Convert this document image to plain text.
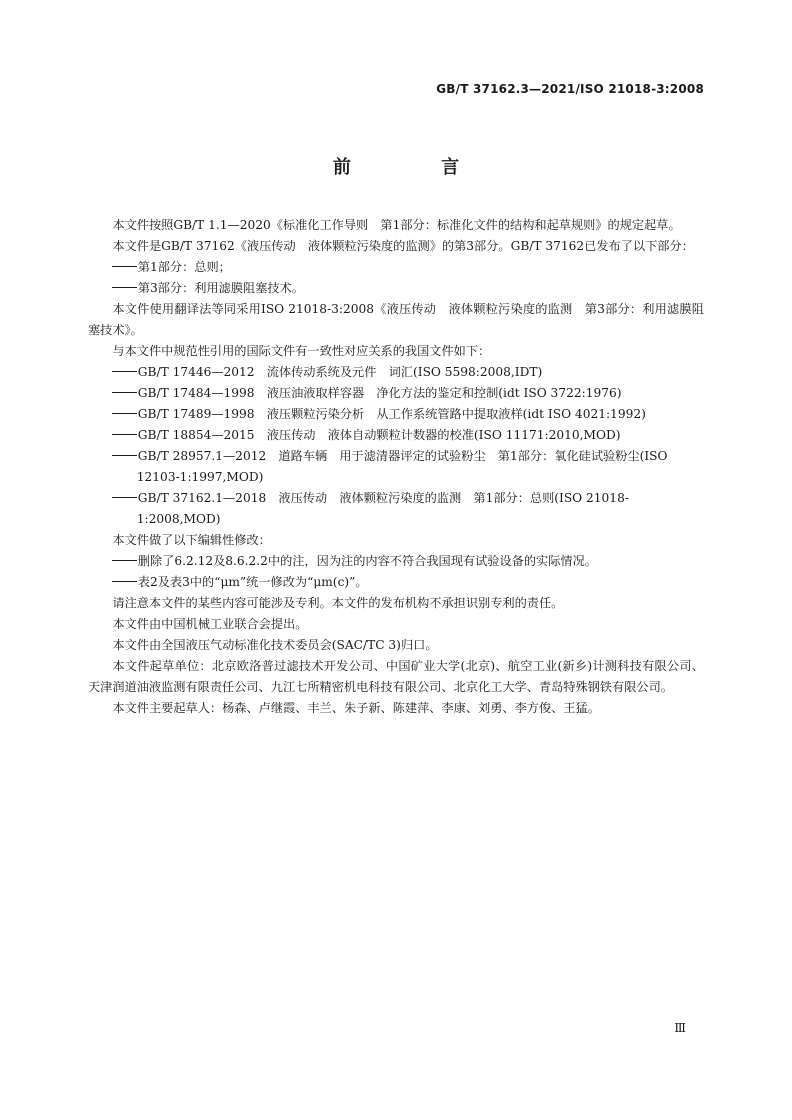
GB/T 37162.3—2021/ISO 21018-3:2008
前 言

本文件按照GB/T 1.1—2020《标准化工作导则　第1部分：标准化文件的结构和起草规则》的规定起草。

本文件是GB/T 37162《液压传动　液体颗粒污染度的监测》的第3部分。GB/T 37162已发布了以下部分：

第1部分：总则；

第3部分：利用滤膜阻塞技术。

本文件使用翻译法等同采用ISO 21018-3:2008《液压传动　液体颗粒污染度的监测　第3部分：利用滤膜阻塞技术》。

与本文件中规范性引用的国际文件有一致性对应关系的我国文件如下：

GB/T 17446—2012　流体传动系统及元件　词汇(ISO 5598:2008,IDT)

GB/T 17484—1998　液压油液取样容器　净化方法的鉴定和控制(idt ISO 3722:1976)

GB/T 17489—1998　液压颗粒污染分析　从工作系统管路中提取液样(idt ISO 4021:1992)

GB/T 18854—2015　液压传动　液体自动颗粒计数器的校准(ISO 11171:2010,MOD)

GB/T 28957.1—2012　道路车辆　用于滤清器评定的试验粉尘　第1部分：氧化硅试验粉尘(ISO 12103-1:1997,MOD)

GB/T 37162.1—2018　液压传动　液体颗粒污染度的监测　第1部分：总则(ISO 21018-1:2008,MOD)

本文件做了以下编辑性修改：

删除了6.2.12及8.6.2.2中的注，因为注的内容不符合我国现有试验设备的实际情况。

表2及表3中的“μm”统一修改为“μm(c)”。

请注意本文件的某些内容可能涉及专利。本文件的发布机构不承担识别专利的责任。

本文件由中国机械工业联合会提出。

本文件由全国液压气动标准化技术委员会(SAC/TC 3)归口。

本文件起草单位：北京欧洛普过滤技术开发公司、中国矿业大学(北京)、航空工业(新乡)计测科技有限公司、天津润道油液监测有限责任公司、九江七所精密机电科技有限公司、北京化工大学、青岛特殊钢铁有限公司。

本文件主要起草人：杨森、卢继霞、丰兰、朱子新、陈建萍、李康、刘勇、李方俊、王猛。

Ⅲ
